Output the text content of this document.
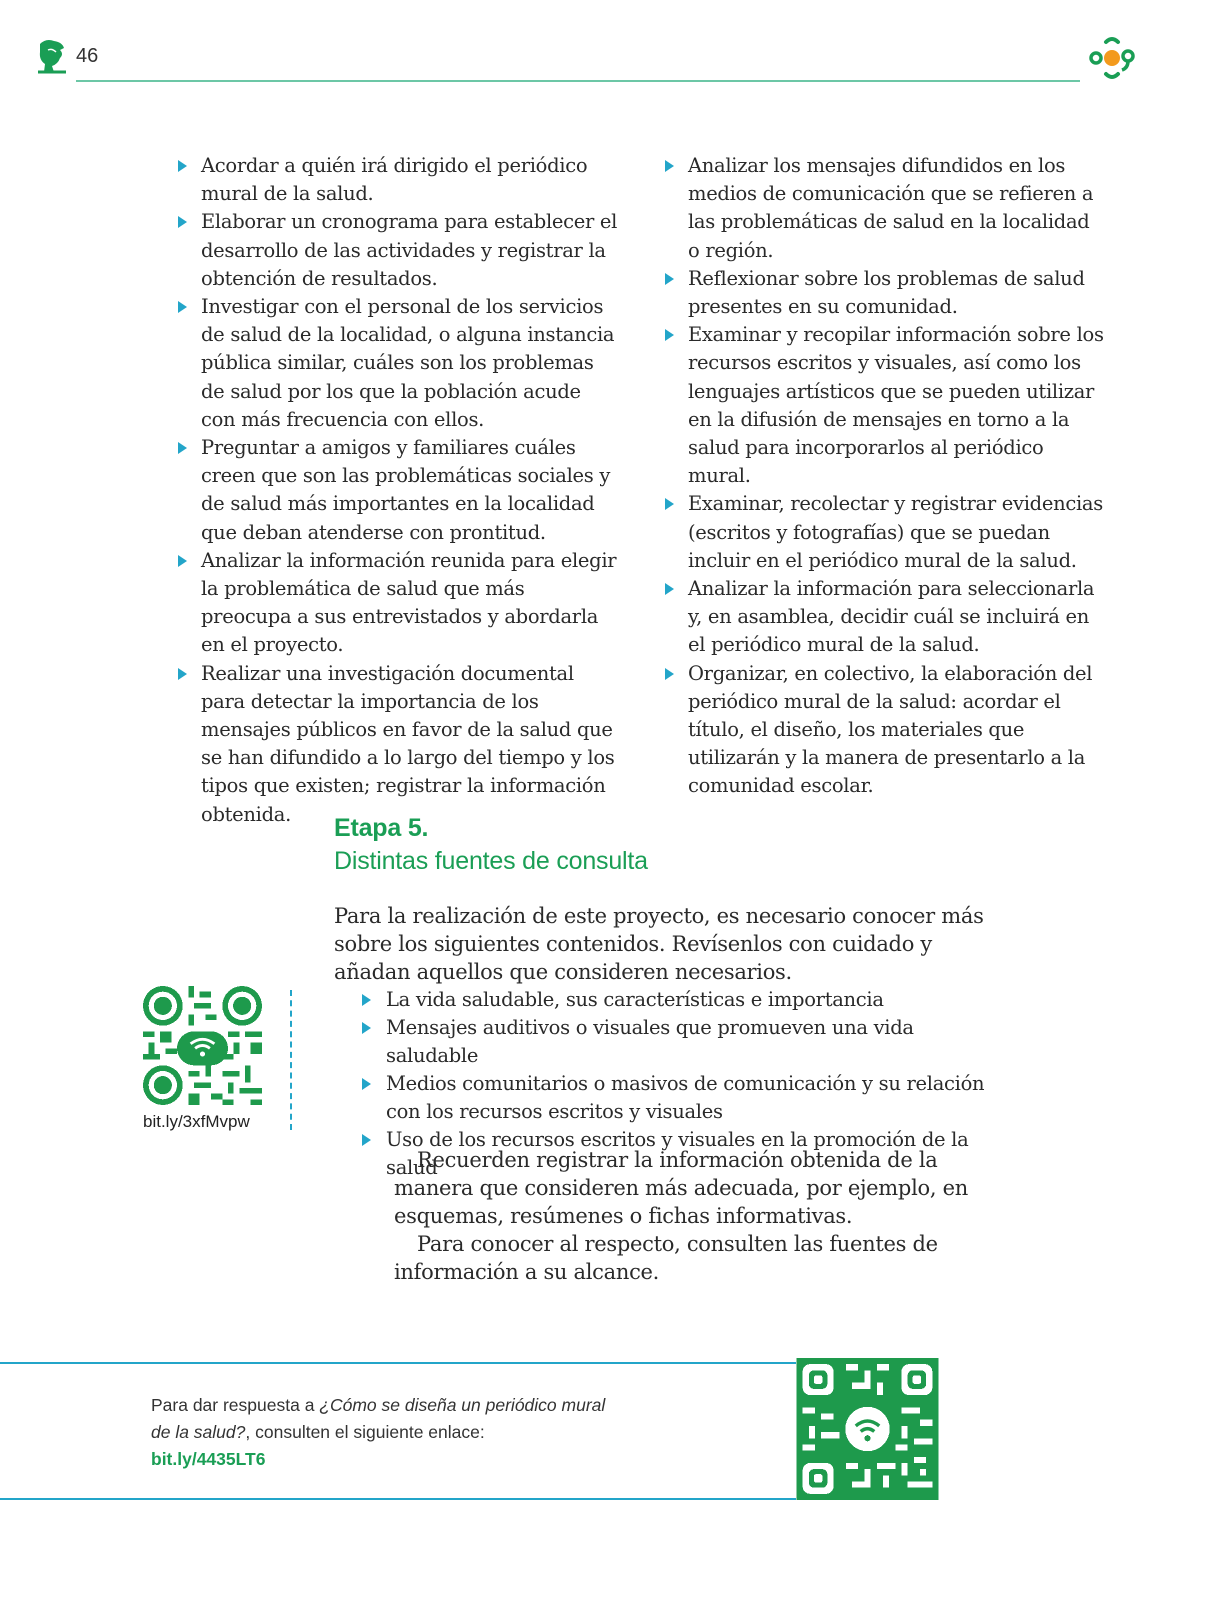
46
Acordar a quién irá dirigido el periódico mural de la salud.
Elaborar un cronograma para establecer el desarrollo de las actividades y registrar la obtención de resultados.
Investigar con el personal de los servicios de salud de la localidad, o alguna instancia pública similar, cuáles son los problemas de salud por los que la población acude con más frecuencia con ellos.
Preguntar a amigos y familiares cuáles creen que son las problemáticas sociales y de salud más importantes en la localidad que deban atenderse con prontitud.
Analizar la información reunida para elegir la problemática de salud que más preocupa a sus entrevistados y abordarla en el proyecto.
Realizar una investigación documental para detectar la importancia de los mensajes públicos en favor de la salud que se han difundido a lo largo del tiempo y los tipos que existen; registrar la información obtenida.
Analizar los mensajes difundidos en los medios de comunicación que se refieren a las problemáticas de salud en la localidad o región.
Reflexionar sobre los problemas de salud presentes en su comunidad.
Examinar y recopilar información sobre los recursos escritos y visuales, así como los lenguajes artísticos que se pueden utilizar en la difusión de mensajes en torno a la salud para incorporarlos al periódico mural.
Examinar, recolectar y registrar evidencias (escritos y fotografías) que se puedan incluir en el periódico mural de la salud.
Analizar la información para seleccionarla y, en asamblea, decidir cuál se incluirá en el periódico mural de la salud.
Organizar, en colectivo, la elaboración del periódico mural de la salud: acordar el título, el diseño, los materiales que utilizarán y la manera de presentarlo a la comunidad escolar.
Etapa 5.
Distintas fuentes de consulta

Para la realización de este proyecto, es necesario conocer más sobre los siguientes contenidos. Revísenlos con cuidado y añadan aquellos que consideren necesarios.

La vida saludable, sus características e importancia
Mensajes auditivos o visuales que promueven una vida saludable
Medios comunitarios o masivos de comunicación y su relación con los recursos escritos y visuales
Uso de los recursos escritos y visuales en la promoción de la salud

Recuerden registrar la información obtenida de la manera que consideren más adecuada, por ejemplo, en esquemas, resúmenes o fichas informativas.

Para conocer al respecto, consulten las fuentes de información a su alcance.

bit.ly/3xfMvpw
Para dar respuesta a ¿Cómo se diseña un periódico mural
de la salud?, consulten el siguiente enlace:
bit.ly/4435LT6
